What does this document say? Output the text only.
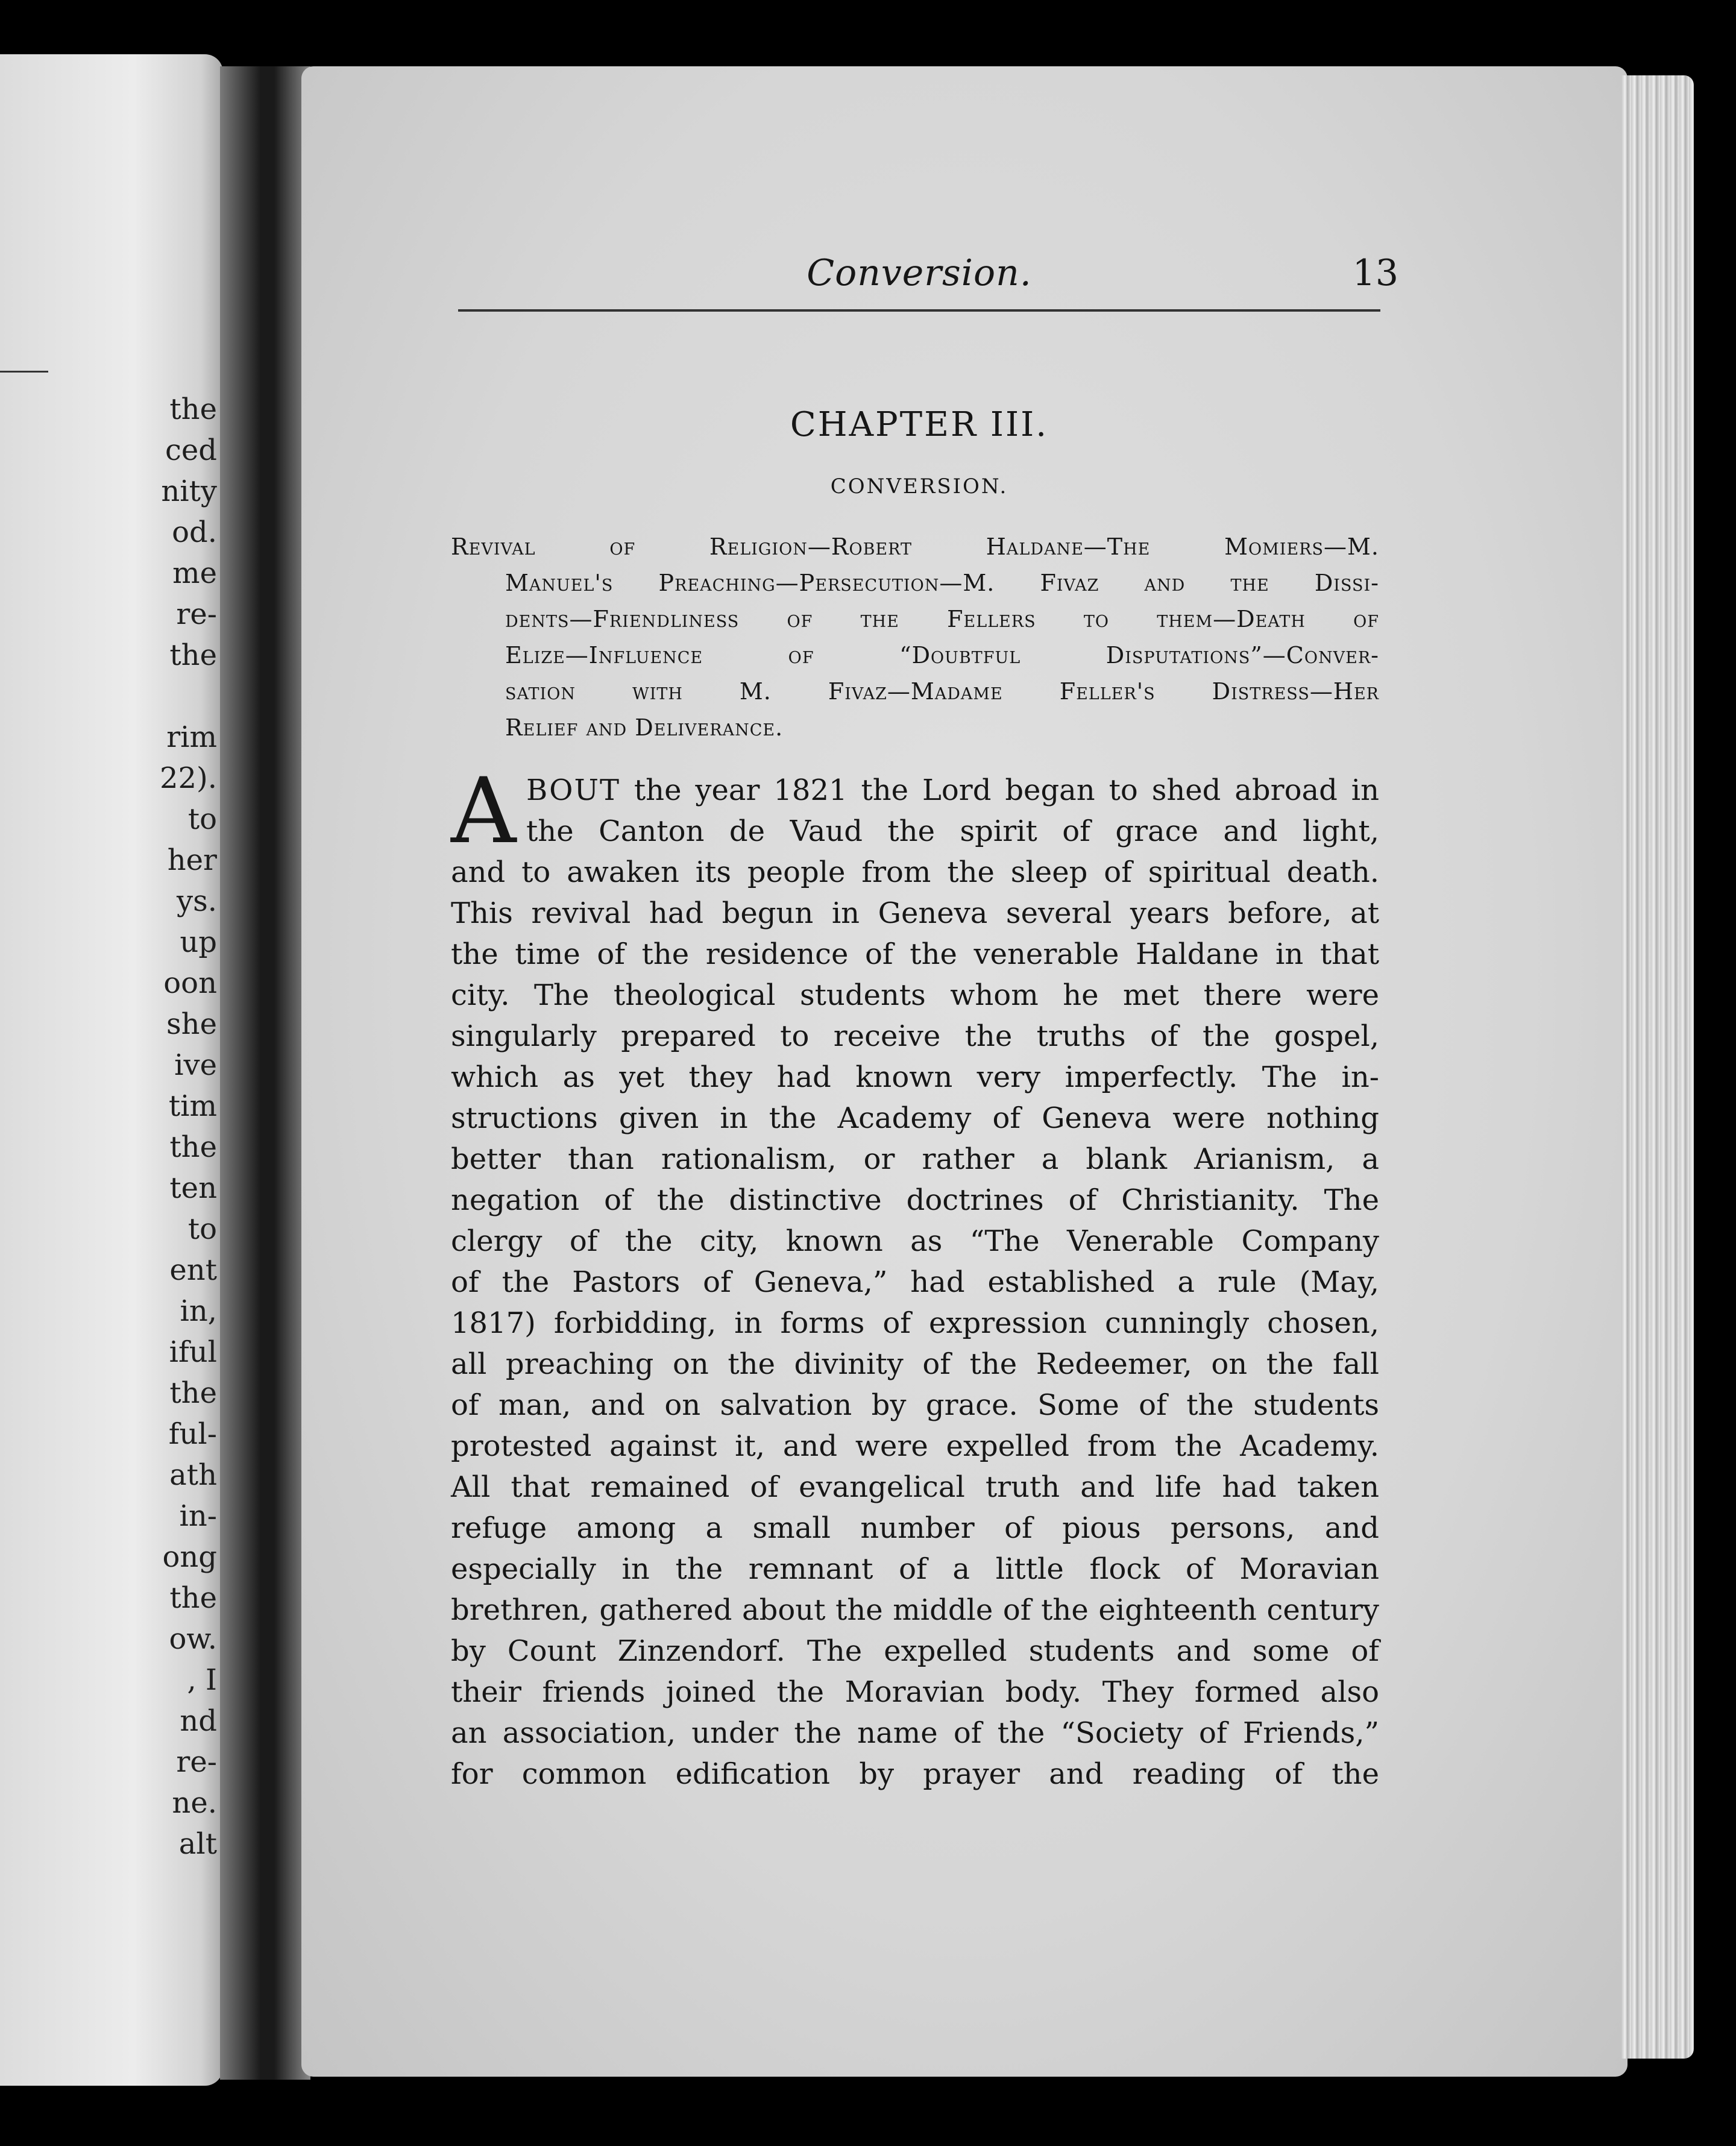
the
ced
nity
od.
me
re-
the
rim
22).
to
her
ys.
up
oon
she
ive
tim
the
ten
to
ent
in,
iful
the
ful-
ath
in-
ong
the
ow.
, I
nd
re-
ne.
alt
Conversion.	13
CHAPTER III.
CONVERSION.
Revival of Religion—Robert Haldane—The Momiers—M.
Manuel's Preaching—Persecution—M. Fivaz and the Dissi-
dents—Friendliness of the Fellers to them—Death of
Elize—Influence of “Doubtful Disputations”—Conver-
sation with M. Fivaz—Madame Feller's Distress—Her
Relief and Deliverance.
A BOUT the year 1821 the Lord began to shed abroad in
the Canton de Vaud the spirit of grace and light,
and to awaken its people from the sleep of spiritual death.
This revival had begun in Geneva several years before, at
the time of the residence of the venerable Haldane in that
city. The theological students whom he met there were
singularly prepared to receive the truths of the gospel,
which as yet they had known very imperfectly. The in-
structions given in the Academy of Geneva were nothing
better than rationalism, or rather a blank Arianism, a
negation of the distinctive doctrines of Christianity. The
clergy of the city, known as “The Venerable Company
of the Pastors of Geneva,” had established a rule (May,
1817) forbidding, in forms of expression cunningly chosen,
all preaching on the divinity of the Redeemer, on the fall
of man, and on salvation by grace. Some of the students
protested against it, and were expelled from the Academy.
All that remained of evangelical truth and life had taken
refuge among a small number of pious persons, and
especially in the remnant of a little flock of Moravian
brethren, gathered about the middle of the eighteenth century
by Count Zinzendorf. The expelled students and some of
their friends joined the Moravian body. They formed also
an association, under the name of the “Society of Friends,”
for common edification by prayer and reading of the
